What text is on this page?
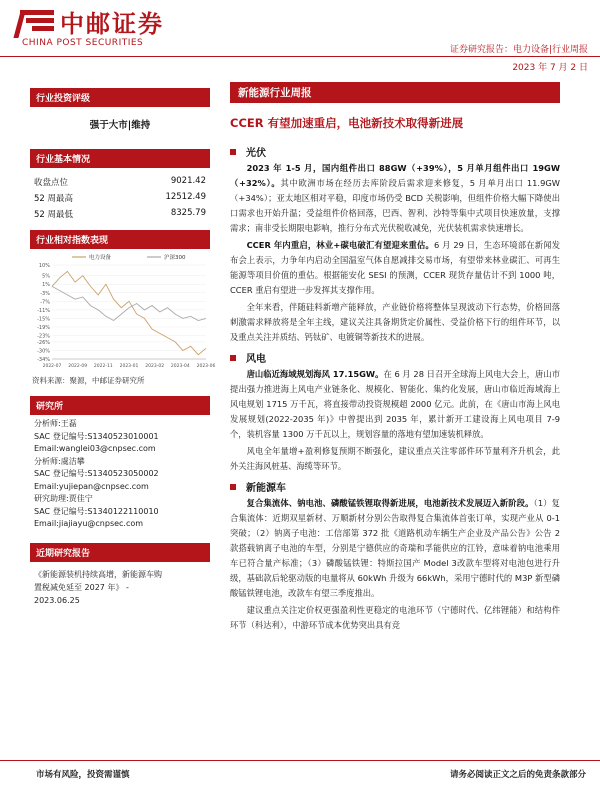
中邮证券
CHINA POST SECURITIES
证券研究报告：电力设备|行业周报
2023 年 7 月 2 日
行业投资评级
强于大市|维持
行业基本情况
收盘点位	9021.42
52 周最高	12512.49
52 周最低	8325.79
行业相对指数表现
10%
5%
1%
-3%
-7%
-11%
-15%
-19%
-23%
-26%
-30%
-34%
2022-07 2022-09 2022-11 2023-01 2023-02 2023-04 2023-06
电力设备	沪深300
资料来源：聚源，中邮证券研究所
研究所
分析师:王磊
SAC 登记编号:S1340523010001
Email:wanglei03@cnpsec.com
分析师:虞洁攀
SAC 登记编号:S1340523050002
Email:yujiepan@cnpsec.com
研究助理:贾佳宁
SAC 登记编号:S1340122110010
Email:jiajiayu@cnpsec.com
近期研究报告
《新能源装机持续高增，新能源车购
置税减免延至 2027 年》 -
2023.06.25
新能源行业周报
CCER 有望加速重启，电池新技术取得新进展
光伏

2023 年 1-5 月，国内组件出口 88GW（+39%），5 月单月组件出口 19GW（+32%）。其中欧洲市场在经历去库阶段后需求迎来修复，5 月单月出口 11.9GW（+34%）；亚太地区相对平稳，印度市场仍受 BCD 关税影响，但组件价格大幅下降使出口需求也开始升温；受益组件价格回落，巴西、智利、沙特等集中式项目快速放量，支撑需求；南非受长期限电影响，推行分布式光伏税收减免，光伏装机需求快速增长。

CCER 年内重启，林业+碳电破汇有望迎来重估。6 月 29 日，生态环境部在新闻发布会上表示，力争年内启动全国温室气体自愿减排交易市场，有望带来林业碳汇、可再生能源等项目价值的重估。根据能安化 SESI 的预测，CCER 现货存量估计不到 1000 吨，CCER 重启有望进一步发挥其支撑作用。

全年来看，伴随硅料新增产能释放，产业链价格将整体呈现波动下行态势，价格回落刺激需求释放将是全年主线，建议关注具备期货定价属性、受益价格下行的组件环节，以及重点关注并质结、钙钛矿、电镀铜等新技术的进展。

风电

唐山临近海域规划海风 17.15GW。在 6 月 28 日召开全球海上风电大会上，唐山市提出强力推进海上风电产业链条化、规模化、智能化、集约化发展，唐山市临近海域海上风电规划 1715 万千瓦，将直接带动投资规模超 2000 亿元。此前，在《唐山市海上风电发展规划(2022-2035 年)》中曾提出到 2035 年，累计新开工建设海上风电项目 7-9 个，装机容量 1300 万千瓦以上，规划容量的落地有望加速装机释放。

风电全年量增+盈利修复预期不断强化，建议重点关注零部件环节量利齐升机会，此外关注海风桩基、海缆等环节。

新能源车

复合集流体、钠电池、磷酸锰铁锂取得新进展，电池新技术发展迈入新阶段。（1）复合集流体：近期双星新材、万顺新材分别公告取得复合集流体首张订单，实现产业从 0-1 突破；（2）钠离子电池：工信部第 372 批《道路机动车辆生产企业及产品公告》公告 2 款搭载钠离子电池的车型，分别是宁德供应的奇瑞和孚能供应的江铃，意味着钠电池乘用车已符合量产标准；（3）磷酸锰铁锂：特斯拉国产 Model 3改款车型将对电池包进行升级，基础款后轮驱动版的电量将从 60kWh 升级为 66kWh，采用宁德时代的 M3P 新型磷酸锰铁锂电池，改款车有望三季度推出。

建议重点关注定价权更强盈利性更稳定的电池环节（宁德时代、亿纬锂能）和结构件环节（科达利），中游环节成本优势突出具有竞

市场有风险，投资需谨慎	请务必阅读正文之后的免责条款部分
